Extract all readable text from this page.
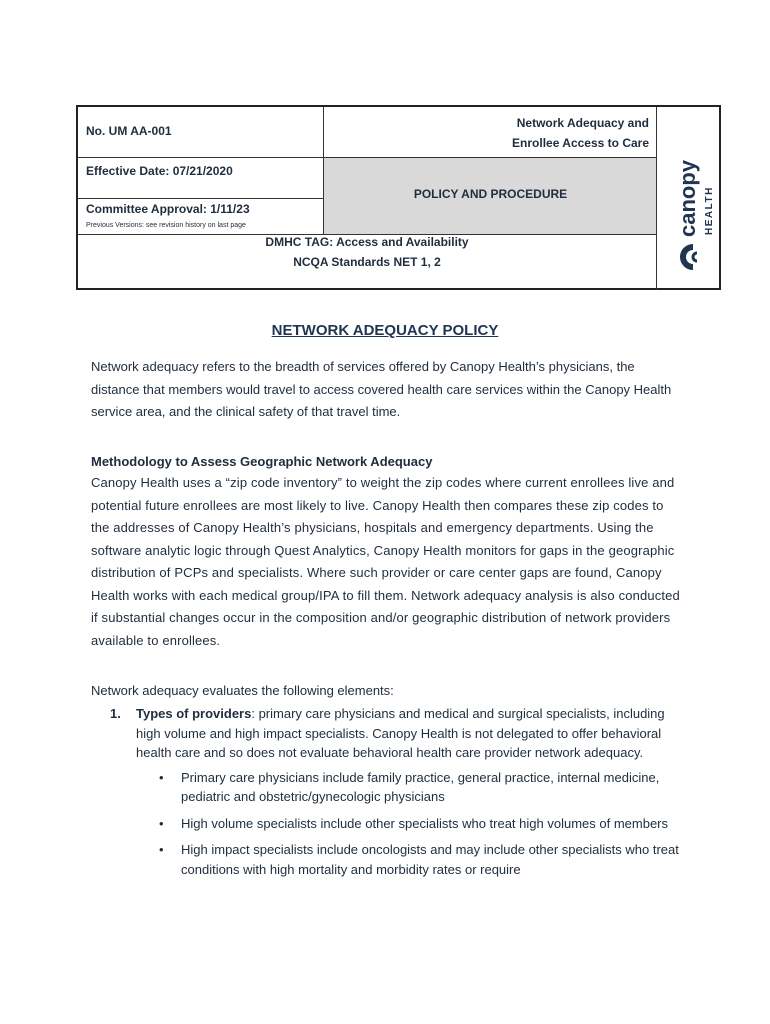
No. UM AA-001
Network Adequacy and
Enrollee Access to Care
Effective Date: 07/21/2020
POLICY AND PROCEDURE
Committee Approval: 1/11/23
Previous Versions: see revision history on last page
DMHC TAG: Access and Availability
NCQA Standards NET 1, 2
canopy HEALTH
NETWORK ADEQUACY POLICY
Network adequacy refers to the breadth of services offered by Canopy Health’s physicians, the distance that members would travel to access covered health care services within the Canopy Health service area, and the clinical safety of that travel time.
Methodology to Assess Geographic Network Adequacy
Canopy Health uses a “zip code inventory” to weight the zip codes where current enrollees live and potential future enrollees are most likely to live. Canopy Health then compares these zip codes to the addresses of Canopy Health’s physicians, hospitals and emergency departments. Using the software analytic logic through Quest Analytics, Canopy Health monitors for gaps in the geographic distribution of PCPs and specialists. Where such provider or care center gaps are found, Canopy Health works with each medical group/IPA to fill them. Network adequacy analysis is also conducted if substantial changes occur in the composition and/or geographic distribution of network providers available to enrollees.
Network adequacy evaluates the following elements:
1. Types of providers: primary care physicians and medical and surgical specialists, including high volume and high impact specialists. Canopy Health is not delegated to offer behavioral health care and so does not evaluate behavioral health care provider network adequacy.
• Primary care physicians include family practice, general practice, internal medicine, pediatric and obstetric/gynecologic physicians
• High volume specialists include other specialists who treat high volumes of members
• High impact specialists include oncologists and may include other specialists who treat conditions with high mortality and morbidity rates or require
